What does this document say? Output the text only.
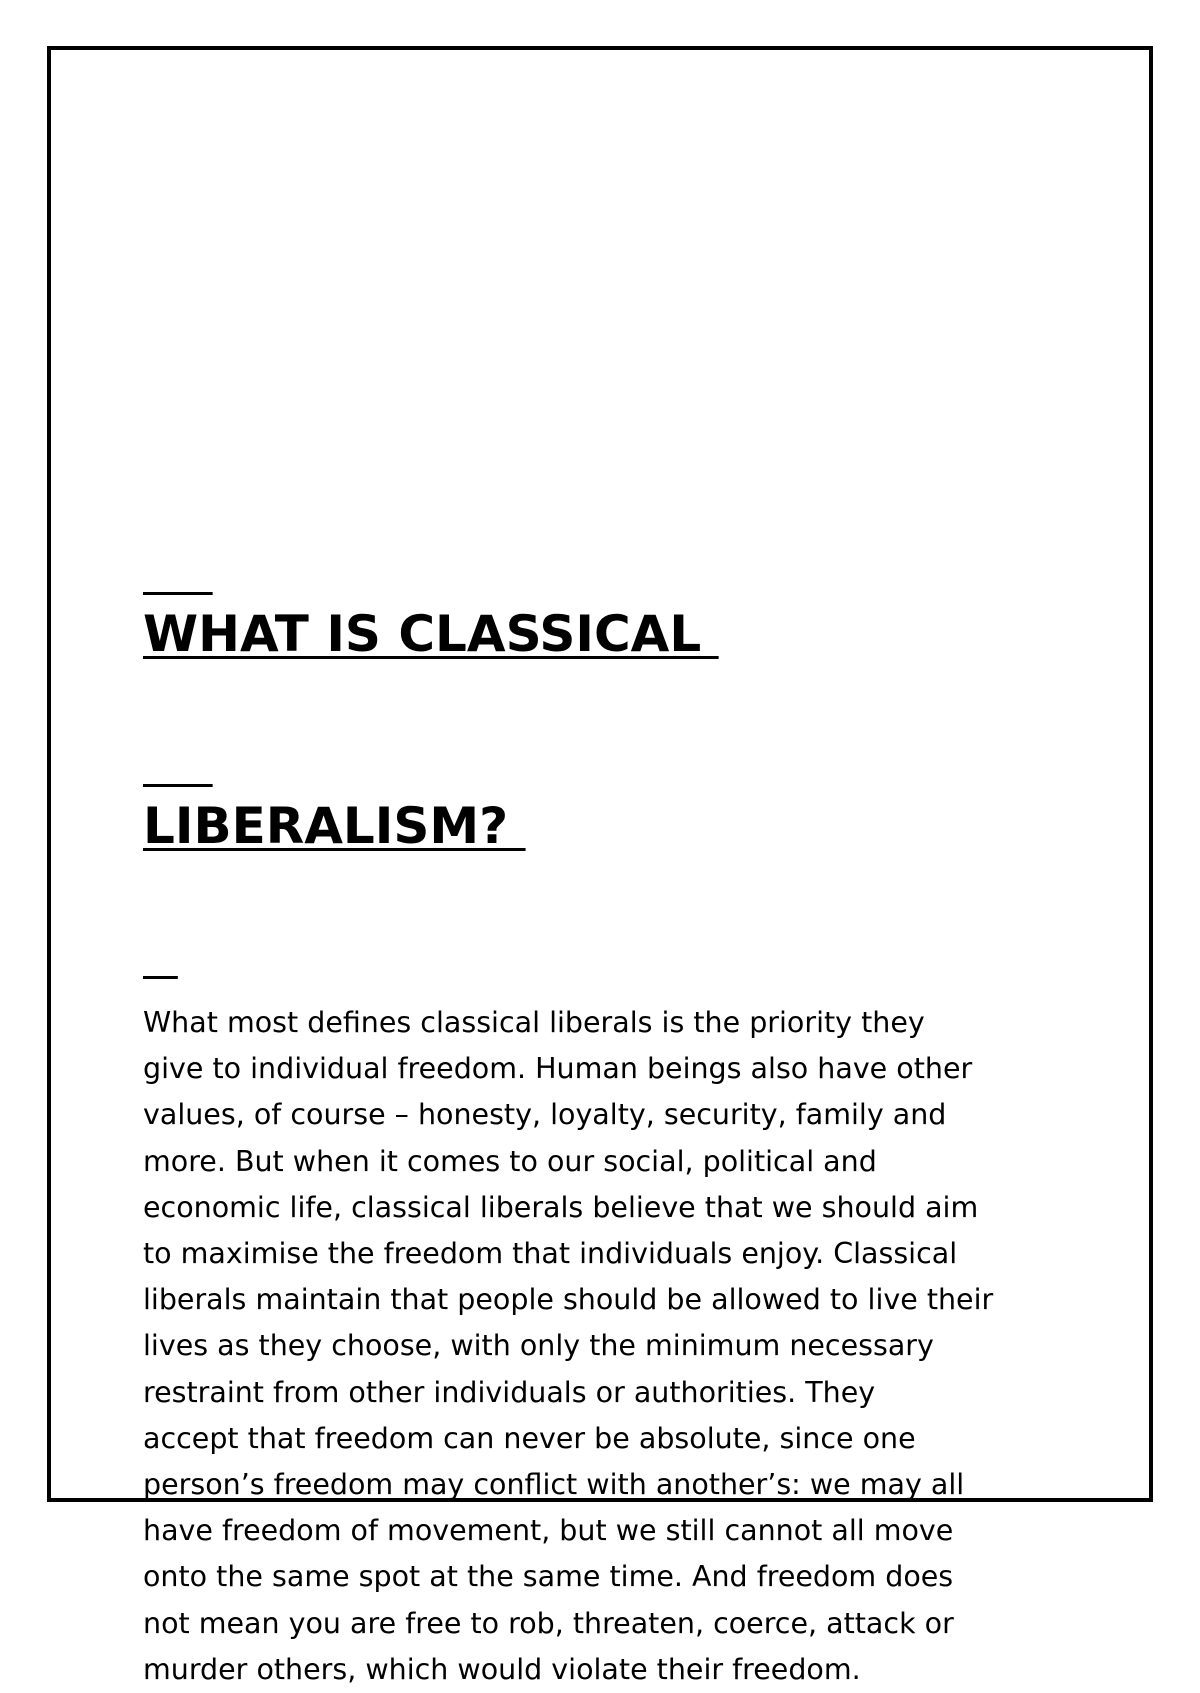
WHAT IS CLASSICAL

LIBERALISM?

What most defines classical liberals is the priority they
give to individual freedom. Human beings also have other
values, of course – honesty, loyalty, security, family and
more. But when it comes to our social, political and
economic life, classical liberals believe that we should aim
to maximise the freedom that individuals enjoy. Classical
liberals maintain that people should be allowed to live their
lives as they choose, with only the minimum necessary
restraint from other individuals or authorities. They
accept that freedom can never be absolute, since one
person’s freedom may conflict with another’s: we may all
have freedom of movement, but we still cannot all move
onto the same spot at the same time. And freedom does
not mean you are free to rob, threaten, coerce, attack or
murder others, which would violate their freedom.
